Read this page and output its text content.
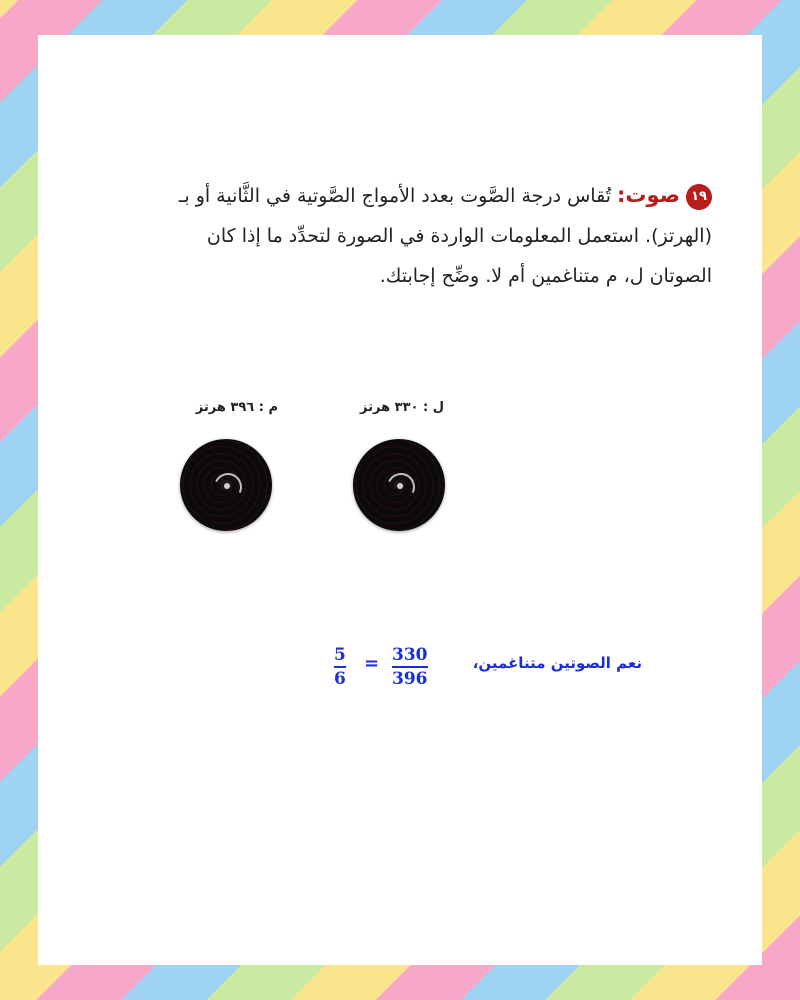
١٩صوت: تُقاس درجة الصَّوت بعدد الأمواج الصَّوتية في الثَّانية أو بـ (الهرتز). استعمل المعلومات الواردة في الصورة لتحدِّد ما إذا كان الصوتان ل، م متناغمين أم لا. وضِّح إجابتك.
ل : ٣٣٠ هرتز
م : ٣٩٦ هرتز
نعم الصوتين متناغمين،
330
396
=
5
6
